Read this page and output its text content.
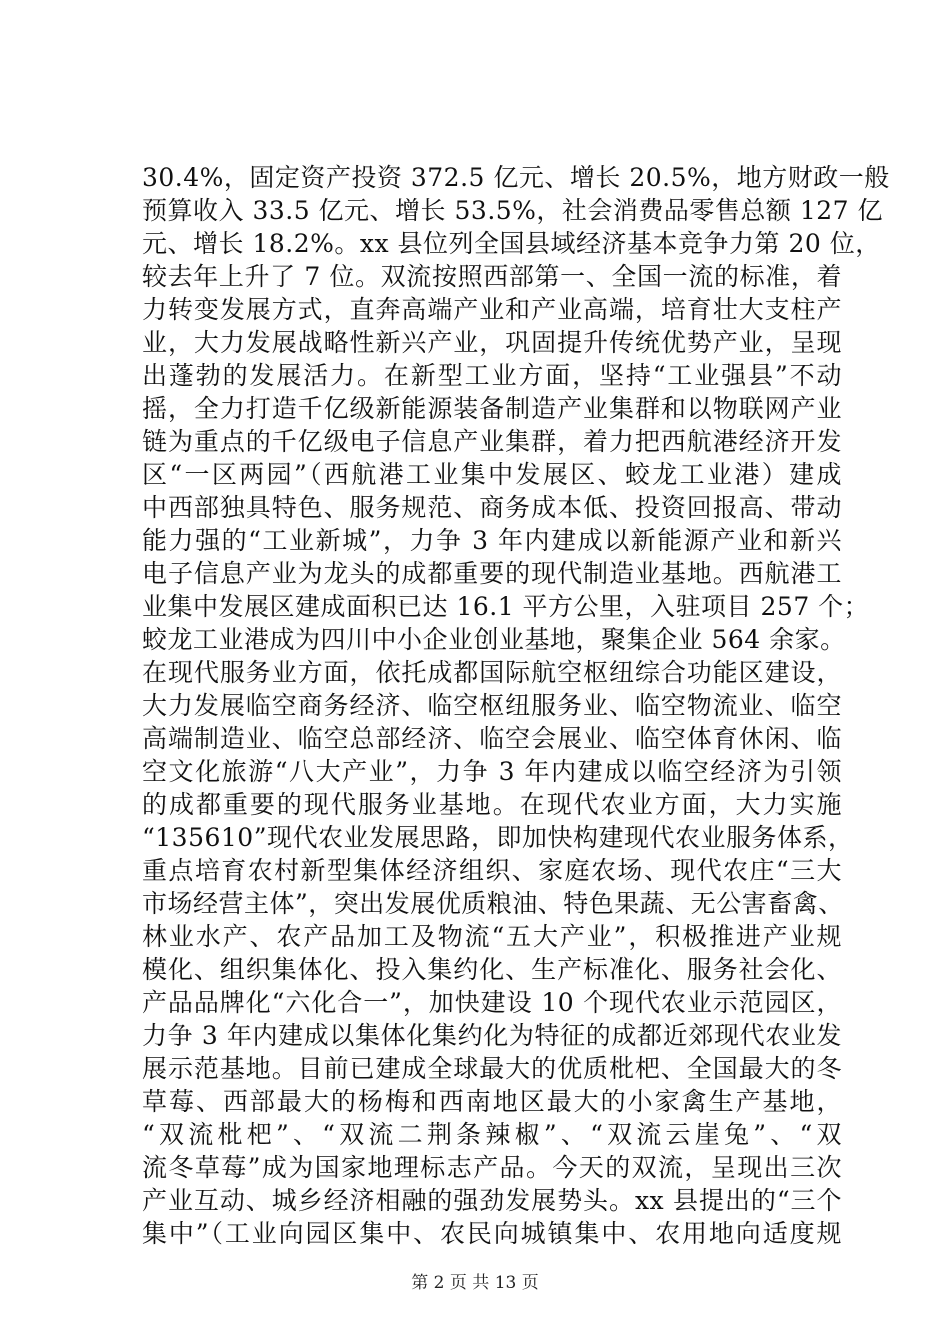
30.4%，固定资产投资 372.5 亿元、增长 20.5%，地方财政一般
预算收入 33.5 亿元、增长 53.5%，社会消费品零售总额 127 亿
元、增长 18.2%。xx 县位列全国县域经济基本竞争力第 20 位，
较去年上升了 7 位。双流按照西部第一、全国一流的标准，着
力转变发展方式，直奔高端产业和产业高端，培育壮大支柱产
业，大力发展战略性新兴产业，巩固提升传统优势产业，呈现
出蓬勃的发展活力。在新型工业方面，坚持“工业强县”不动
摇，全力打造千亿级新能源装备制造产业集群和以物联网产业
链为重点的千亿级电子信息产业集群，着力把西航港经济开发
区“一区两园”（西航港工业集中发展区、蛟龙工业港）建成
中西部独具特色、服务规范、商务成本低、投资回报高、带动
能力强的“工业新城”，力争 3 年内建成以新能源产业和新兴
电子信息产业为龙头的成都重要的现代制造业基地。西航港工
业集中发展区建成面积已达 16.1 平方公里，入驻项目 257 个；
蛟龙工业港成为四川中小企业创业基地，聚集企业 564 余家。
在现代服务业方面，依托成都国际航空枢纽综合功能区建设，
大力发展临空商务经济、临空枢纽服务业、临空物流业、临空
高端制造业、临空总部经济、临空会展业、临空体育休闲、临
空文化旅游“八大产业”，力争 3 年内建成以临空经济为引领
的成都重要的现代服务业基地。在现代农业方面，大力实施
“135610”现代农业发展思路，即加快构建现代农业服务体系，
重点培育农村新型集体经济组织、家庭农场、现代农庄“三大
市场经营主体”，突出发展优质粮油、特色果蔬、无公害畜禽、
林业水产、农产品加工及物流“五大产业”，积极推进产业规
模化、组织集体化、投入集约化、生产标准化、服务社会化、
产品品牌化“六化合一”，加快建设 10 个现代农业示范园区，
力争 3 年内建成以集体化集约化为特征的成都近郊现代农业发
展示范基地。目前已建成全球最大的优质枇杷、全国最大的冬
草莓、西部最大的杨梅和西南地区最大的小家禽生产基地，
“双流枇杷”、“双流二荆条辣椒”、“双流云崖兔”、“双
流冬草莓”成为国家地理标志产品。今天的双流，呈现出三次
产业互动、城乡经济相融的强劲发展势头。xx 县提出的“三个
集中”（工业向园区集中、农民向城镇集中、农用地向适度规
第 2 页 共 13 页
